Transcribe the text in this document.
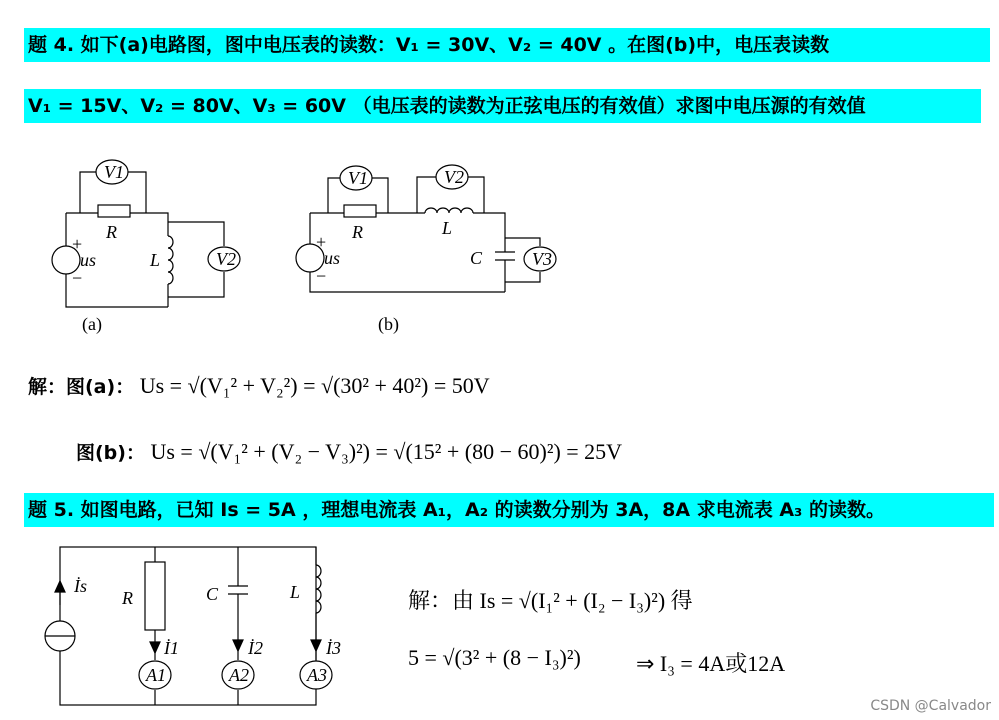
题 4. 如下(a)电路图，图中电压表的读数：V₁ = 30V、V₂ = 40V 。在图(b)中，电压表读数
V₁ = 15V、V₂ = 80V、V₃ = 60V （电压表的读数为正弦电压的有效值）求图中电压源的有效值
V1
V2
R
L
+
−
us
(a)
V1	V2
V3
R	L
C
+
−
us
(b)
İs
R	C	L
İ1	İ2	İ3
A1	A2	A3
解：图(a)： Us = √(V₁² + V₂²) = √(30² + 40²) = 50V
图(b)： Us = √(V₁² + (V₂ − V₃)²) = √(15² + (80 − 60)²) = 25V
题 5. 如图电路，已知 Is = 5A ，理想电流表 A₁，A₂ 的读数分别为 3A，8A 求电流表 A₃ 的读数。
解：由 Is = √(I₁² + (I₂ − I₃)²) 得
5 = √(3² + (8 − I₃)²)	⇒ I₃ = 4A或12A
CSDN @Calvador
